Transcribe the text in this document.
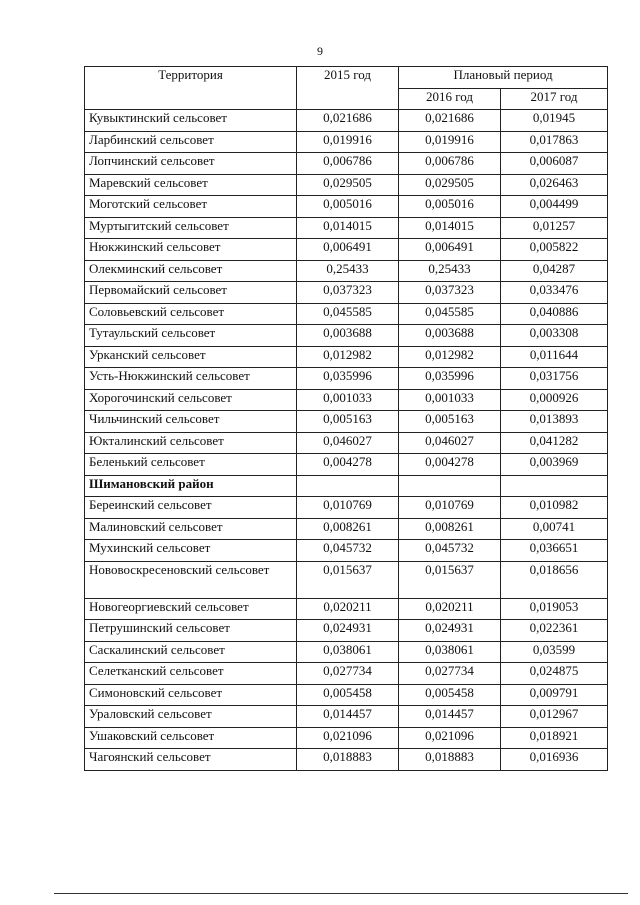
9
Территория	2015 год	Плановый период	
		2016 год	2017 год
Кувыктинский сельсовет	0,021686	0,021686	0,01945
Ларбинский сельсовет	0,019916	0,019916	0,017863
Лопчинский сельсовет	0,006786	0,006786	0,006087
Маревский сельсовет	0,029505	0,029505	0,026463
Моготский сельсовет	0,005016	0,005016	0,004499
Муртыгитский сельсовет	0,014015	0,014015	0,01257
Нюкжинский сельсовет	0,006491	0,006491	0,005822
Олекминский сельсовет	0,25433	0,25433	0,04287
Первомайский сельсовет	0,037323	0,037323	0,033476
Соловьевский сельсовет	0,045585	0,045585	0,040886
Тутаульский сельсовет	0,003688	0,003688	0,003308
Урканский сельсовет	0,012982	0,012982	0,011644
Усть-Нюкжинский сельсовет	0,035996	0,035996	0,031756
Хорогочинский сельсовет	0,001033	0,001033	0,000926
Чильчинский сельсовет	0,005163	0,005163	0,013893
Юкталинский сельсовет	0,046027	0,046027	0,041282
Беленький сельсовет	0,004278	0,004278	0,003969
Шимановский район			
Береинский сельсовет	0,010769	0,010769	0,010982
Малиновский сельсовет	0,008261	0,008261	0,00741
Мухинский сельсовет	0,045732	0,045732	0,036651
Нововоскресеновский сельсовет	0,015637	0,015637	0,018656
Новогеоргиевский сельсовет	0,020211	0,020211	0,019053
Петрушинский сельсовет	0,024931	0,024931	0,022361
Саскалинский сельсовет	0,038061	0,038061	0,03599
Селетканский сельсовет	0,027734	0,027734	0,024875
Симоновский сельсовет	0,005458	0,005458	0,009791
Ураловский сельсовет	0,014457	0,014457	0,012967
Ушаковский сельсовет	0,021096	0,021096	0,018921
Чагоянский сельсовет	0,018883	0,018883	0,016936
